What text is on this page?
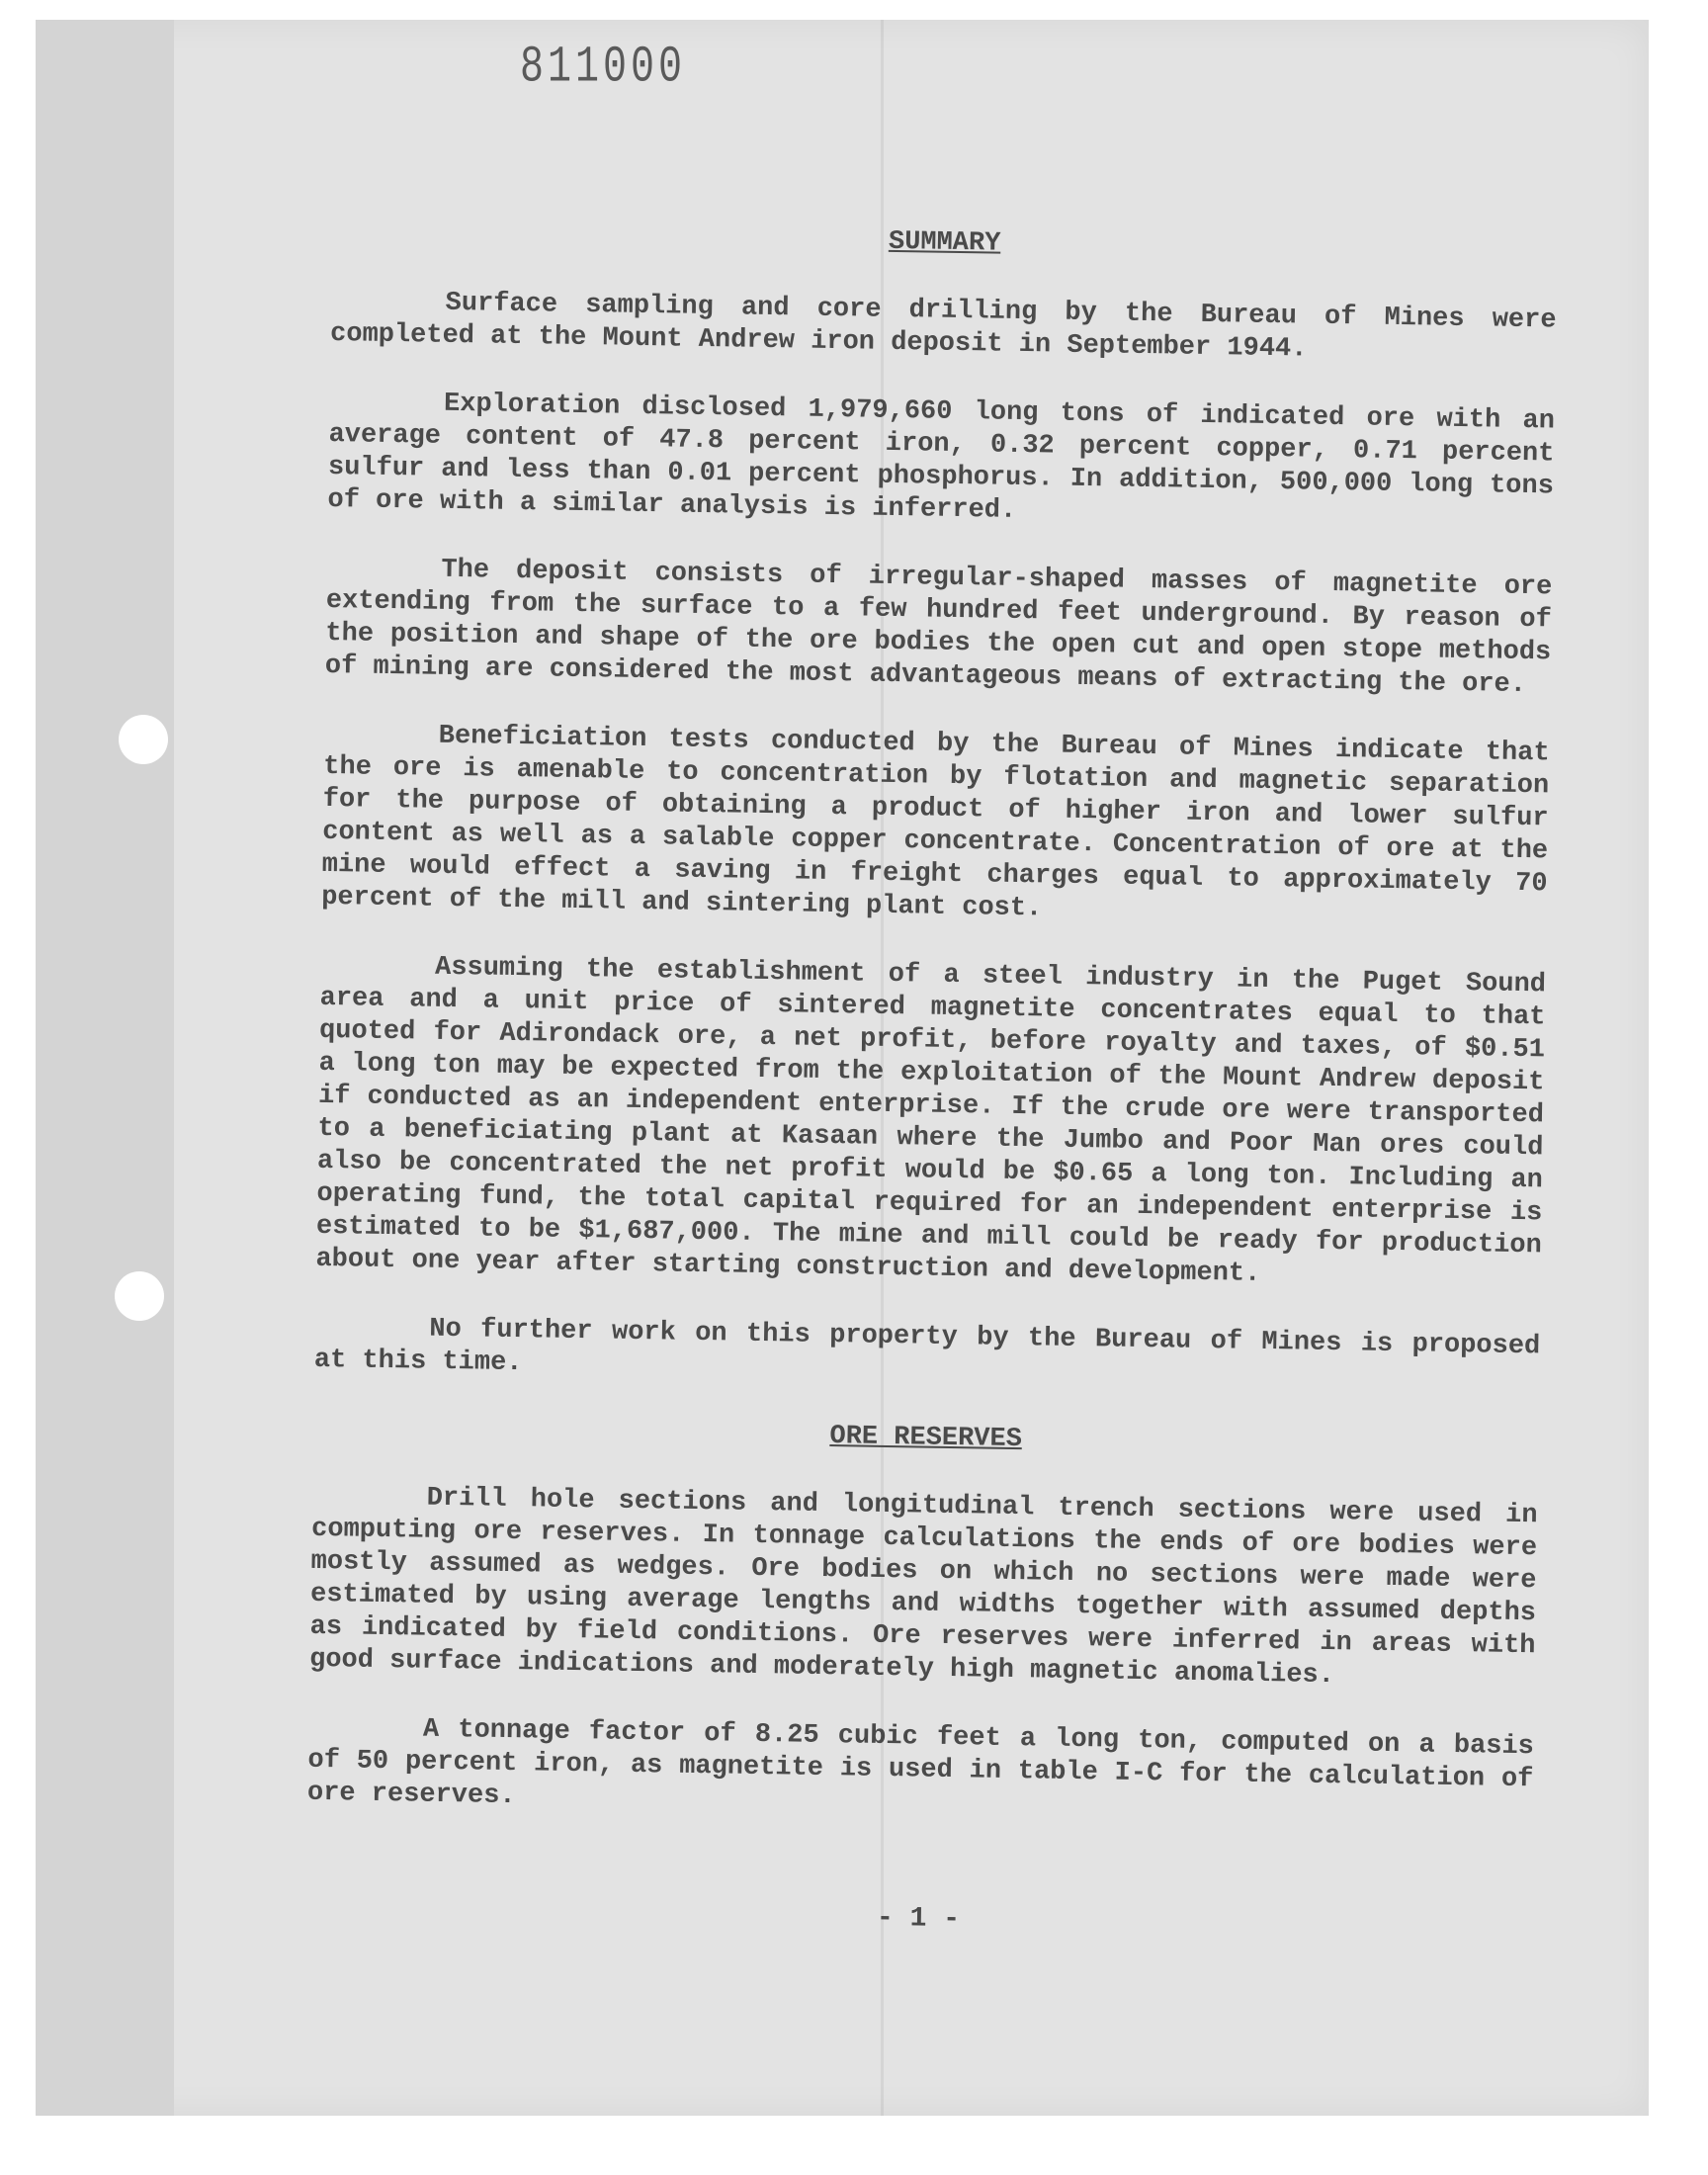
811000
SUMMARY

Surface sampling and core drilling by the Bureau of Mines were completed at the Mount Andrew iron deposit in September 1944.

Exploration disclosed 1,979,660 long tons of indicated ore with an average content of 47.8 percent iron, 0.32 percent copper, 0.71 percent sulfur and less than 0.01 percent phosphorus. In addition, 500,000 long tons of ore with a similar analysis is inferred.

The deposit consists of irregular-shaped masses of magnetite ore extending from the surface to a few hundred feet underground. By reason of the position and shape of the ore bodies the open cut and open stope methods of mining are considered the most advantageous means of extracting the ore.

Beneficiation tests conducted by the Bureau of Mines indicate that the ore is amenable to concentration by flotation and magnetic separation for the purpose of obtaining a product of higher iron and lower sulfur content as well as a salable copper concentrate. Concentration of ore at the mine would effect a saving in freight charges equal to approximately 70 percent of the mill and sintering plant cost.

Assuming the establishment of a steel industry in the Puget Sound area and a unit price of sintered magnetite concentrates equal to that quoted for Adirondack ore, a net profit, before royalty and taxes, of $0.51 a long ton may be expected from the exploitation of the Mount Andrew deposit if conducted as an independent enterprise. If the crude ore were transported to a beneficiating plant at Kasaan where the Jumbo and Poor Man ores could also be concentrated the net profit would be $0.65 a long ton. Including an operating fund, the total capital required for an independent enterprise is estimated to be $1,687,000. The mine and mill could be ready for production about one year after starting construction and development.

No further work on this property by the Bureau of Mines is proposed at this time.

ORE RESERVES

Drill hole sections and longitudinal trench sections were used in computing ore reserves. In tonnage calculations the ends of ore bodies were mostly assumed as wedges. Ore bodies on which no sections were made were estimated by using average lengths and widths together with assumed depths as indicated by field conditions. Ore reserves were inferred in areas with good surface indications and moderately high magnetic anomalies.

A tonnage factor of 8.25 cubic feet a long ton, computed on a basis of 50 percent iron, as magnetite is used in table I-C for the calculation of ore reserves.

- 1 -
